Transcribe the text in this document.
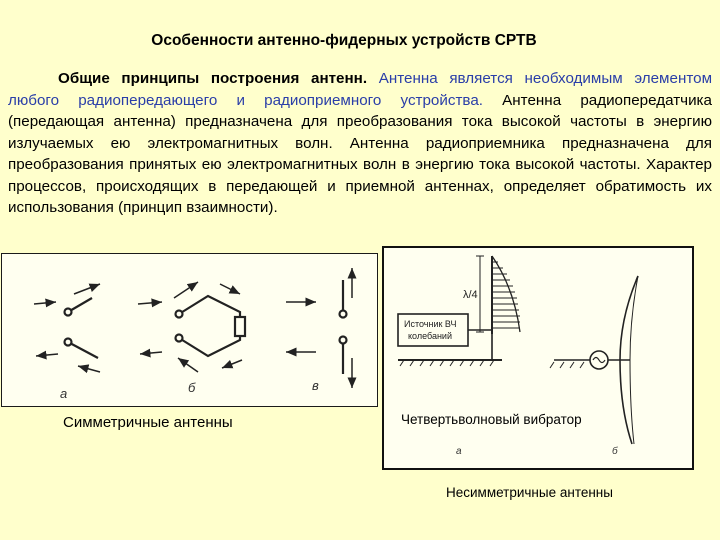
Особенности антенно-фидерных устройств СРТВ
Общие принципы построения антенн. Антенна является необходимым элементом любого радиопередающего и радиоприемного устройства. Антенна радиопередатчика (передающая антенна) предназначена для преобразования тока высокой частоты в энергию излучаемых ею электромагнитных волн. Антенна радиоприемника предназначена для преобразования принятых ею электромагнитных волн в энергию тока высокой частоты. Характер процессов, происходящих в передающей и приемной антеннах, определяет обратимость их использования (принцип взаимности).
а	б	в
Симметричные антенны
λ/4
Источник ВЧ
колебаний
а	б
Четвертьволновый вибратор
Несимметричные антенны
